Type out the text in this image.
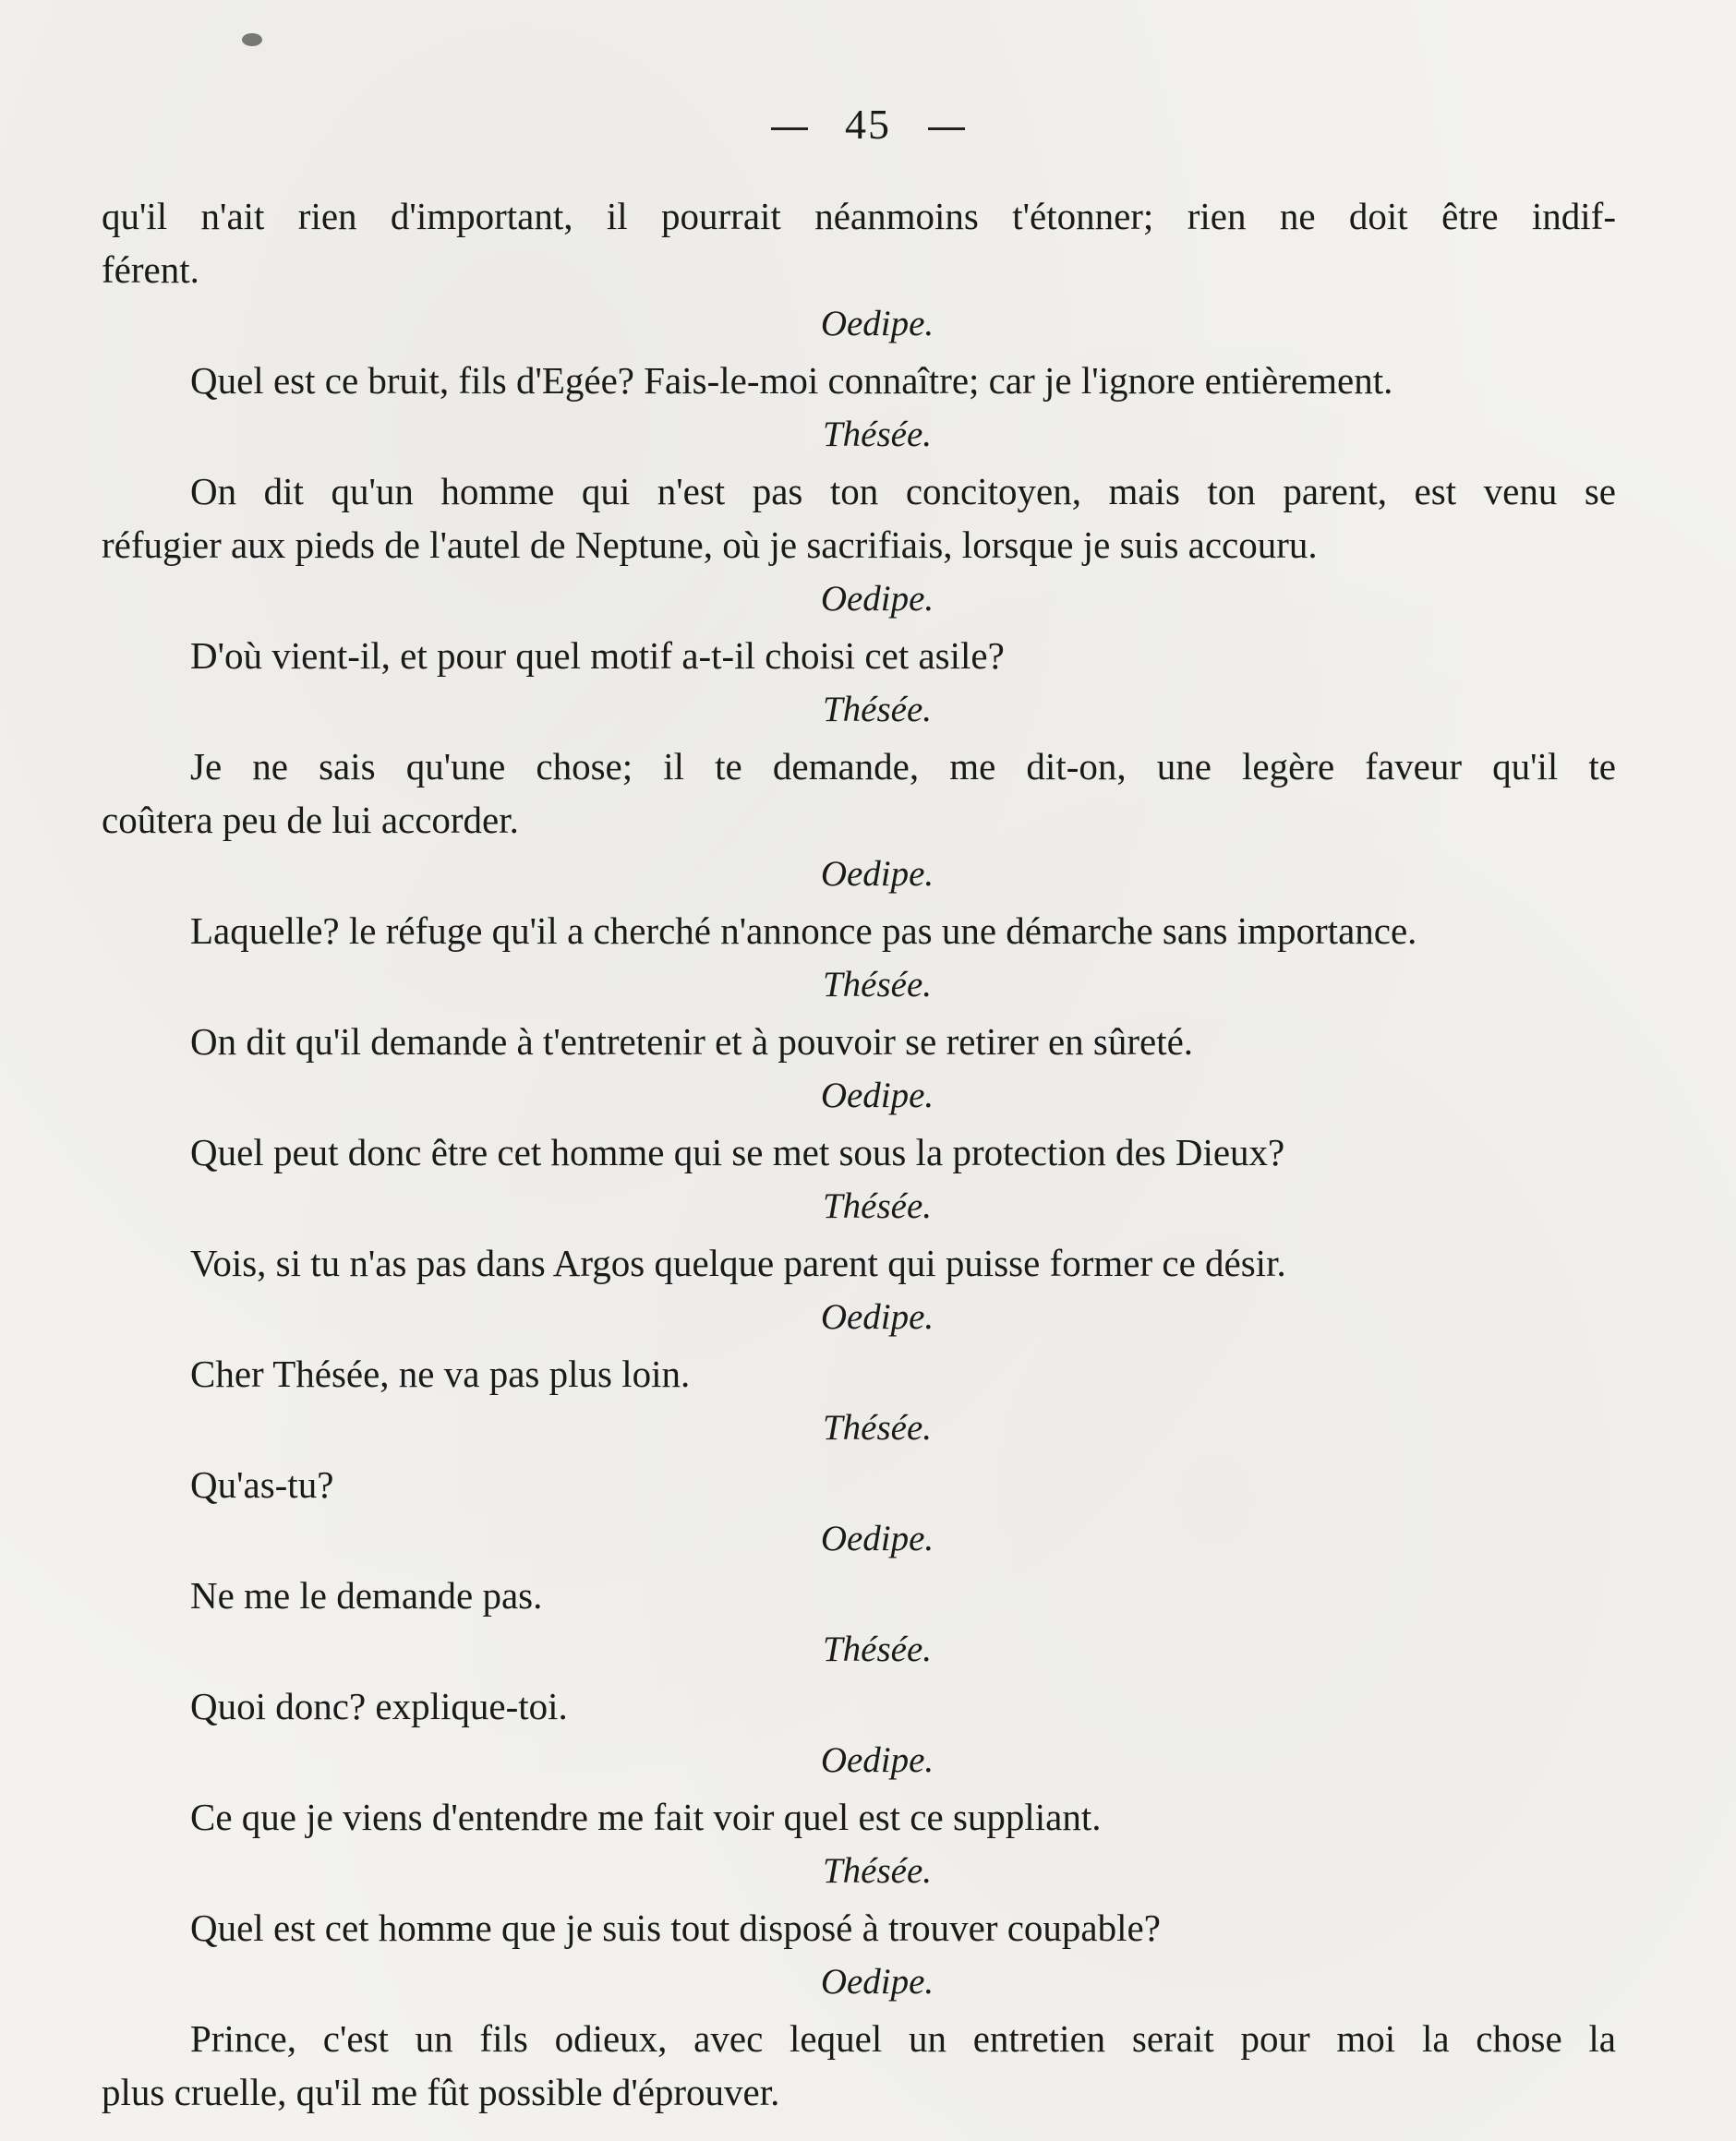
45
qu'il n'ait rien d'important, il pourrait néanmoins t'étonner; rien ne doit être indif-
férent.
Oedipe.
Quel est ce bruit, fils d'Egée? Fais-le-moi connaître; car je l'ignore entièrement.
Thésée.
On dit qu'un homme qui n'est pas ton concitoyen, mais ton parent, est venu se
réfugier aux pieds de l'autel de Neptune, où je sacrifiais, lorsque je suis accouru.
Oedipe.
D'où vient-il, et pour quel motif a-t-il choisi cet asile?
Thésée.
Je ne sais qu'une chose; il te demande, me dit-on, une legère faveur qu'il te
coûtera peu de lui accorder.
Oedipe.
Laquelle? le réfuge qu'il a cherché n'annonce pas une démarche sans importance.
Thésée.
On dit qu'il demande à t'entretenir et à pouvoir se retirer en sûreté.
Oedipe.
Quel peut donc être cet homme qui se met sous la protection des Dieux?
Thésée.
Vois, si tu n'as pas dans Argos quelque parent qui puisse former ce désir.
Oedipe.
Cher Thésée, ne va pas plus loin.
Thésée.
Qu'as-tu?
Oedipe.
Ne me le demande pas.
Thésée.
Quoi donc? explique-toi.
Oedipe.
Ce que je viens d'entendre me fait voir quel est ce suppliant.
Thésée.
Quel est cet homme que je suis tout disposé à trouver coupable?
Oedipe.
Prince, c'est un fils odieux, avec lequel un entretien serait pour moi la chose la
plus cruelle, qu'il me fût possible d'éprouver.
